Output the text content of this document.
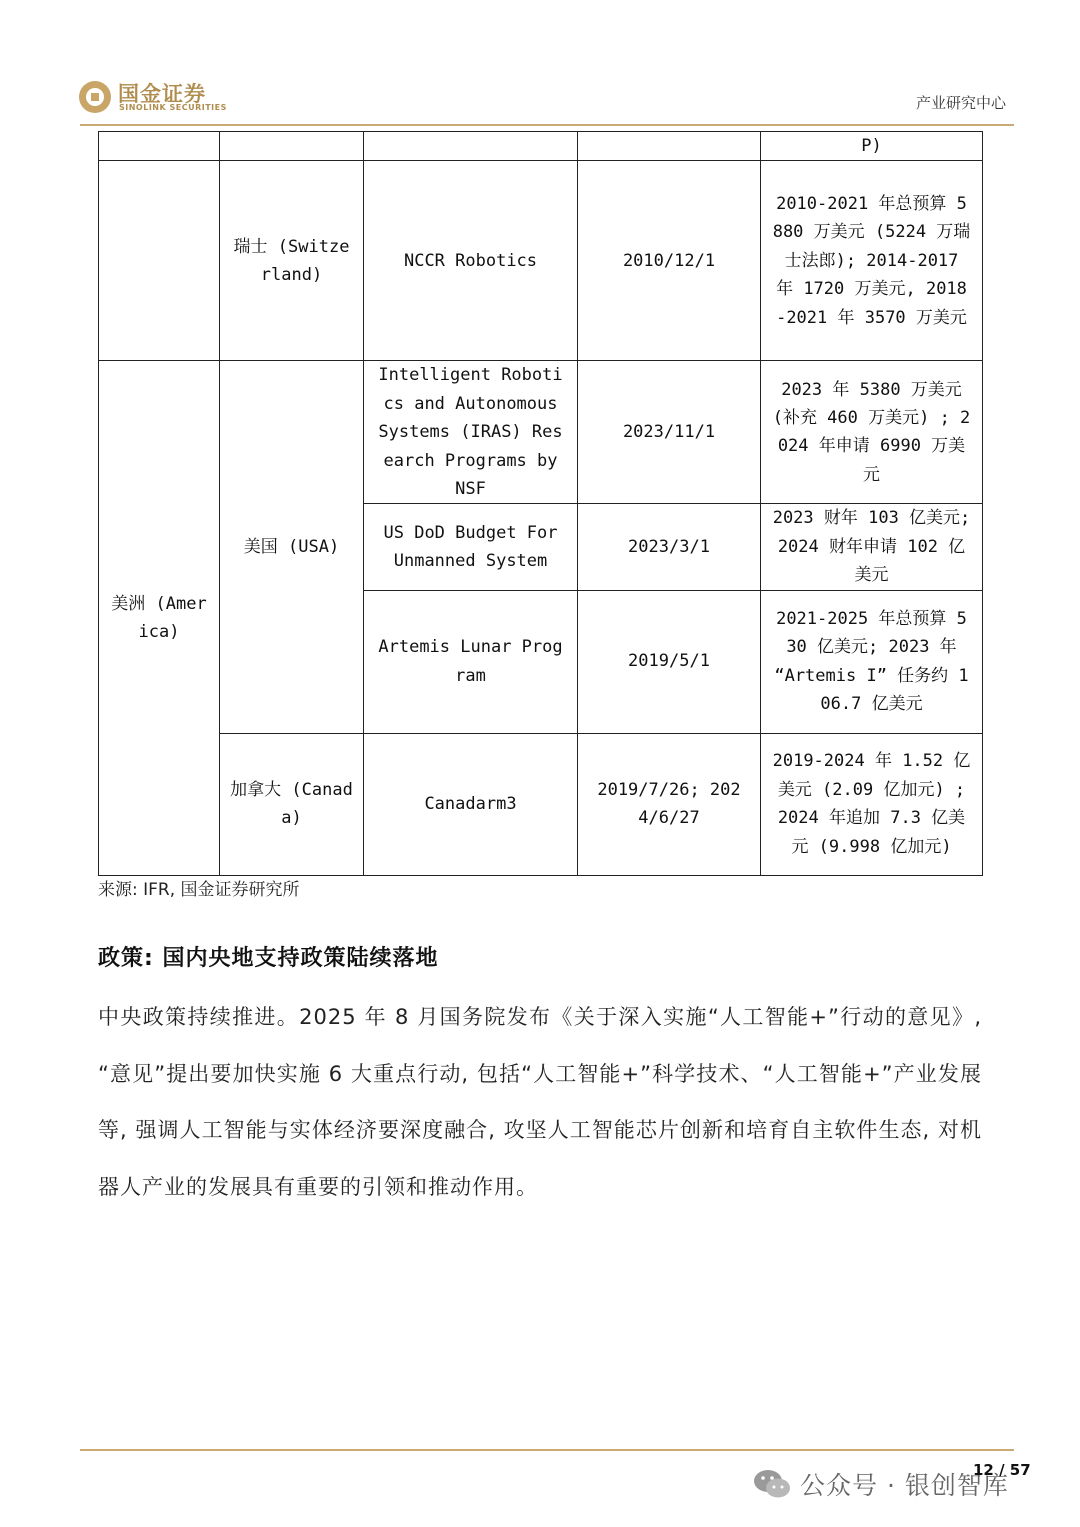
国金证券
SINOLINK SECURITIES	产业研究中心
				P)
	瑞士 (Switzerland)	NCCR Robotics	2010/12/1	2010-2021 年总预算 5880 万美元 (5224 万瑞士法郎); 2014-2017 年 1720 万美元, 2018-2021 年 3570 万美元
美洲 (America)	美国 (USA)	Intelligent Robotics and Autonomous Systems (IRAS) Research Programs by NSF	2023/11/1	2023 年 5380 万美元 (补充 460 万美元) ; 2024 年申请 6990 万美元
		US DoD Budget For Unmanned System	2023/3/1	2023 财年 103 亿美元; 2024 财年申请 102 亿美元
		Artemis Lunar Program	2019/5/1	2021-2025 年总预算 530 亿美元; 2023 年 “Artemis I” 任务约 106.7 亿美元
	加拿大 (Canada)	Canadarm3	2019/7/26; 2024/6/27	2019-2024 年 1.52 亿美元 (2.09 亿加元) ; 2024 年追加 7.3 亿美元 (9.998 亿加元)
来源: IFR, 国金证券研究所
政策: 国内央地支持政策陆续落地
中央政策持续推进。2025 年 8 月国务院发布《关于深入实施“人工智能+”行动的意见》, “意见”提出要加快实施 6 大重点行动, 包括“人工智能+”科学技术、“人工智能+”产业发展等, 强调人工智能与实体经济要深度融合, 攻坚人工智能芯片创新和培育自主软件生态, 对机器人产业的发展具有重要的引领和推动作用。
公众号 · 银创智库
12 / 57
